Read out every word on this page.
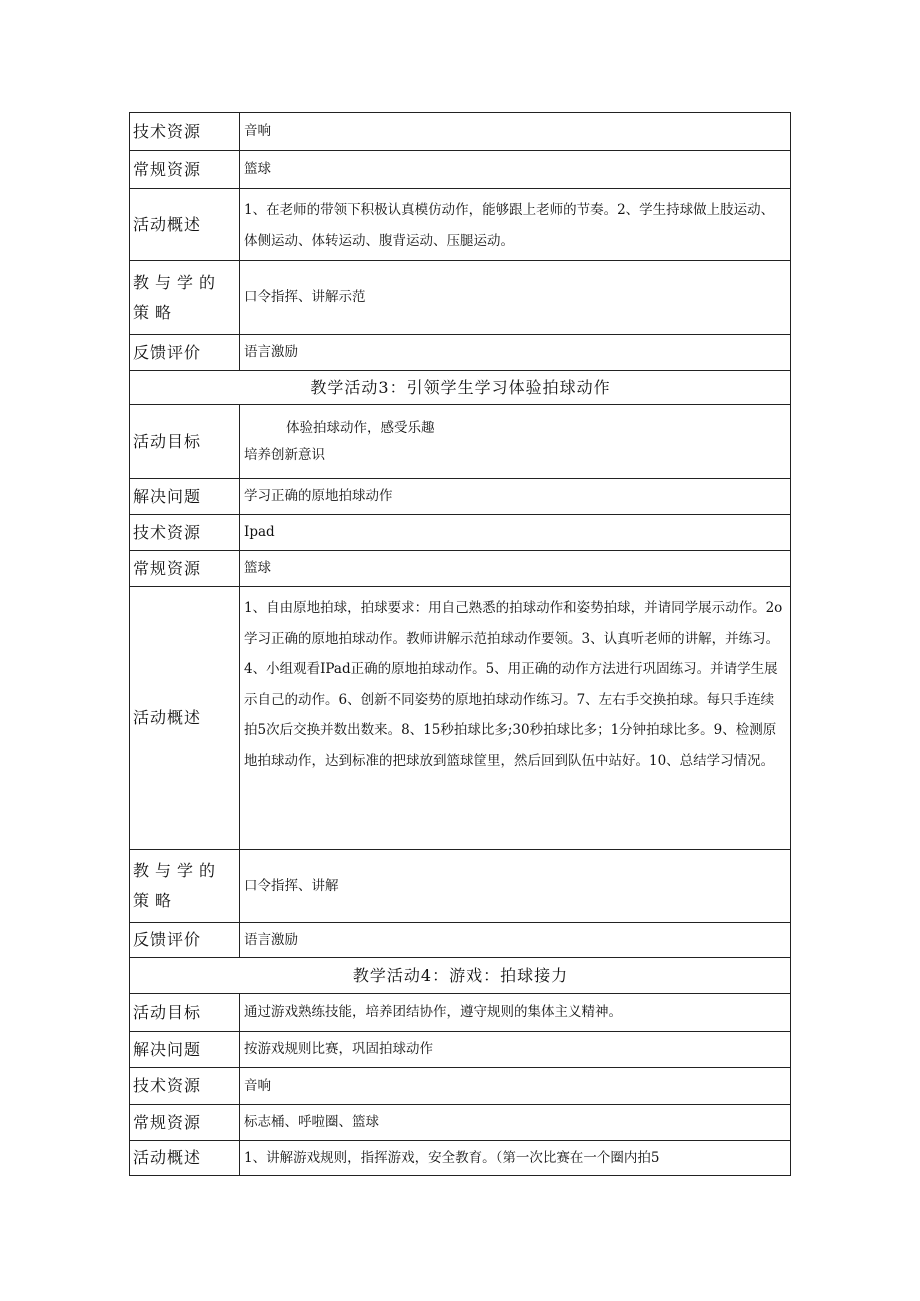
技术资源	音响
常规资源	篮球
活动概述	1、在老师的带领下积极认真模仿动作，能够跟上老师的节奏。2、学生持球做上肢运动、体侧运动、体转运动、腹背运动、压腿运动。
教与学的策略	口令指挥、讲解示范
反馈评价	语言激励
教学活动3：引领学生学习体验拍球动作	
活动目标	体验拍球动作，感受乐趣
培养创新意识

解决问题	学习正确的原地拍球动作
技术资源	Ipad
常规资源	篮球
活动概述	1、自由原地拍球，拍球要求：用自己熟悉的拍球动作和姿势拍球，并请同学展示动作。2o学习正确的原地拍球动作。教师讲解示范拍球动作要领。3、认真听老师的讲解，并练习。4、小组观看IPad正确的原地拍球动作。5、用正确的动作方法进行巩固练习。并请学生展示自己的动作。6、创新不同姿势的原地拍球动作练习。7、左右手交换拍球。每只手连续拍5次后交换并数出数来。8、15秒拍球比多;30秒拍球比多；1分钟拍球比多。9、检测原地拍球动作，达到标准的把球放到篮球筐里，然后回到队伍中站好。10、总结学习情况。
教与学的策略	口令指挥、讲解
反馈评价	语言激励
教学活动4：游戏：拍球接力	
活动目标	通过游戏熟练技能，培养团结协作，遵守规则的集体主义精神。
解决问题	按游戏规则比赛，巩固拍球动作
技术资源	音响
常规资源	标志桶、呼啦圈、篮球
活动概述	1、讲解游戏规则，指挥游戏，安全教育。（第一次比赛在一个圈内拍5
